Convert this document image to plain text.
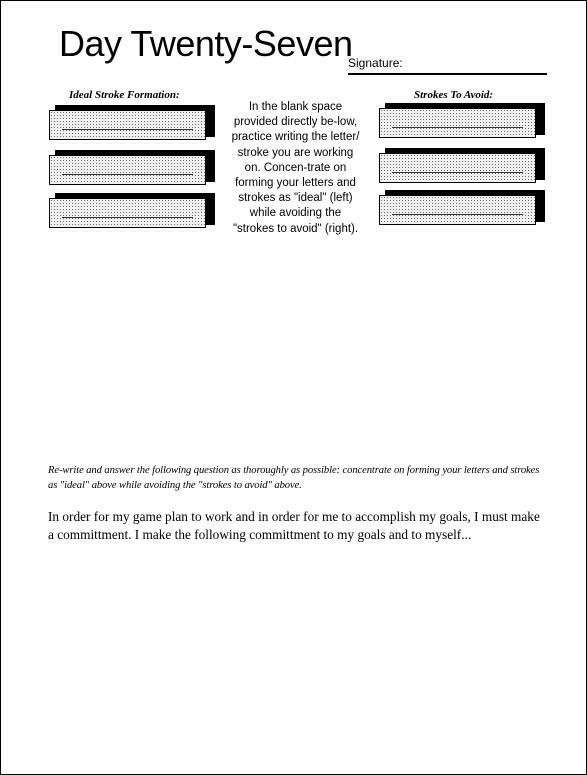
Day Twenty-Seven
Signature:
Ideal Stroke Formation:	Strokes To Avoid:
In the blank space provided directly be-low, practice writing the letter/ stroke you are working on. Concen-trate on forming your letters and strokes as "ideal" (left) while avoiding the "strokes to avoid" (right).
Re-write and answer the following question as thoroughly as possible: concentrate on forming your letters and strokes as "ideal" above while avoiding the "strokes to avoid" above.
In order for my game plan to work and in order for me to accomplish my goals, I must make a committment. I make the following committment to my goals and to myself...
